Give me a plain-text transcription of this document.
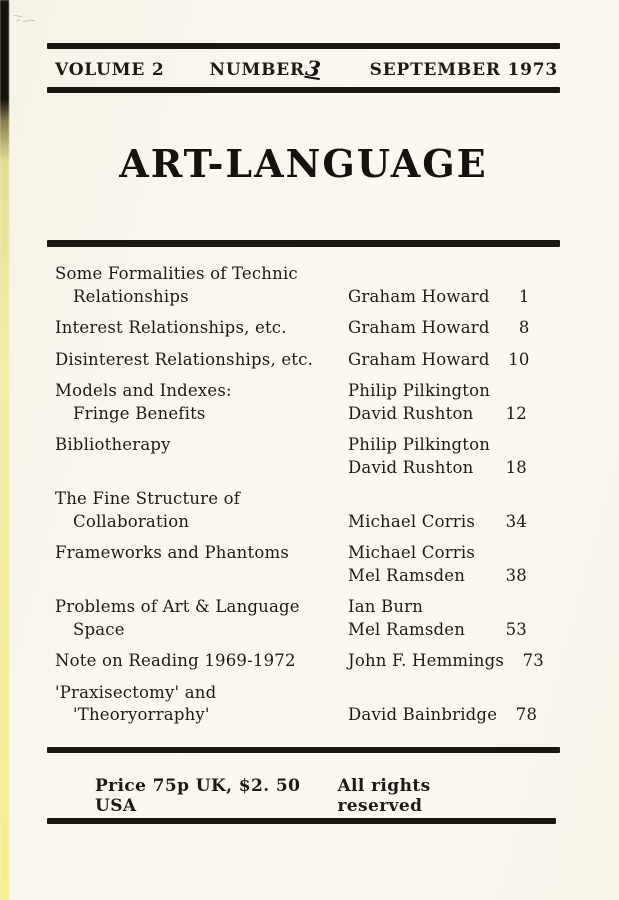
VOLUME 2	NUMBER
3	SEPTEMBER 1973
ART-LANGUAGE
Some Formalities of Technic
Relationships	Graham Howard	1
Interest Relationships, etc.	Graham Howard	8
Disinterest Relationships, etc.	Graham Howard	10
Models and Indexes:	Philip Pilkington
Fringe Benefits	David Rushton	12
Bibliotherapy	Philip Pilkington
David Rushton	18
The Fine Structure of
Collaboration	Michael Corris	34
Frameworks and Phantoms	Michael Corris
Mel Ramsden	38
Problems of Art & Language	Ian Burn
Space	Mel Ramsden	53
Note on Reading 1969-1972	John F. Hemmings	73
'Praxisectomy' and
'Theoryorraphy'	David Bainbridge	78
Price 75p UK, $2. 50 USA
All rights reserved
